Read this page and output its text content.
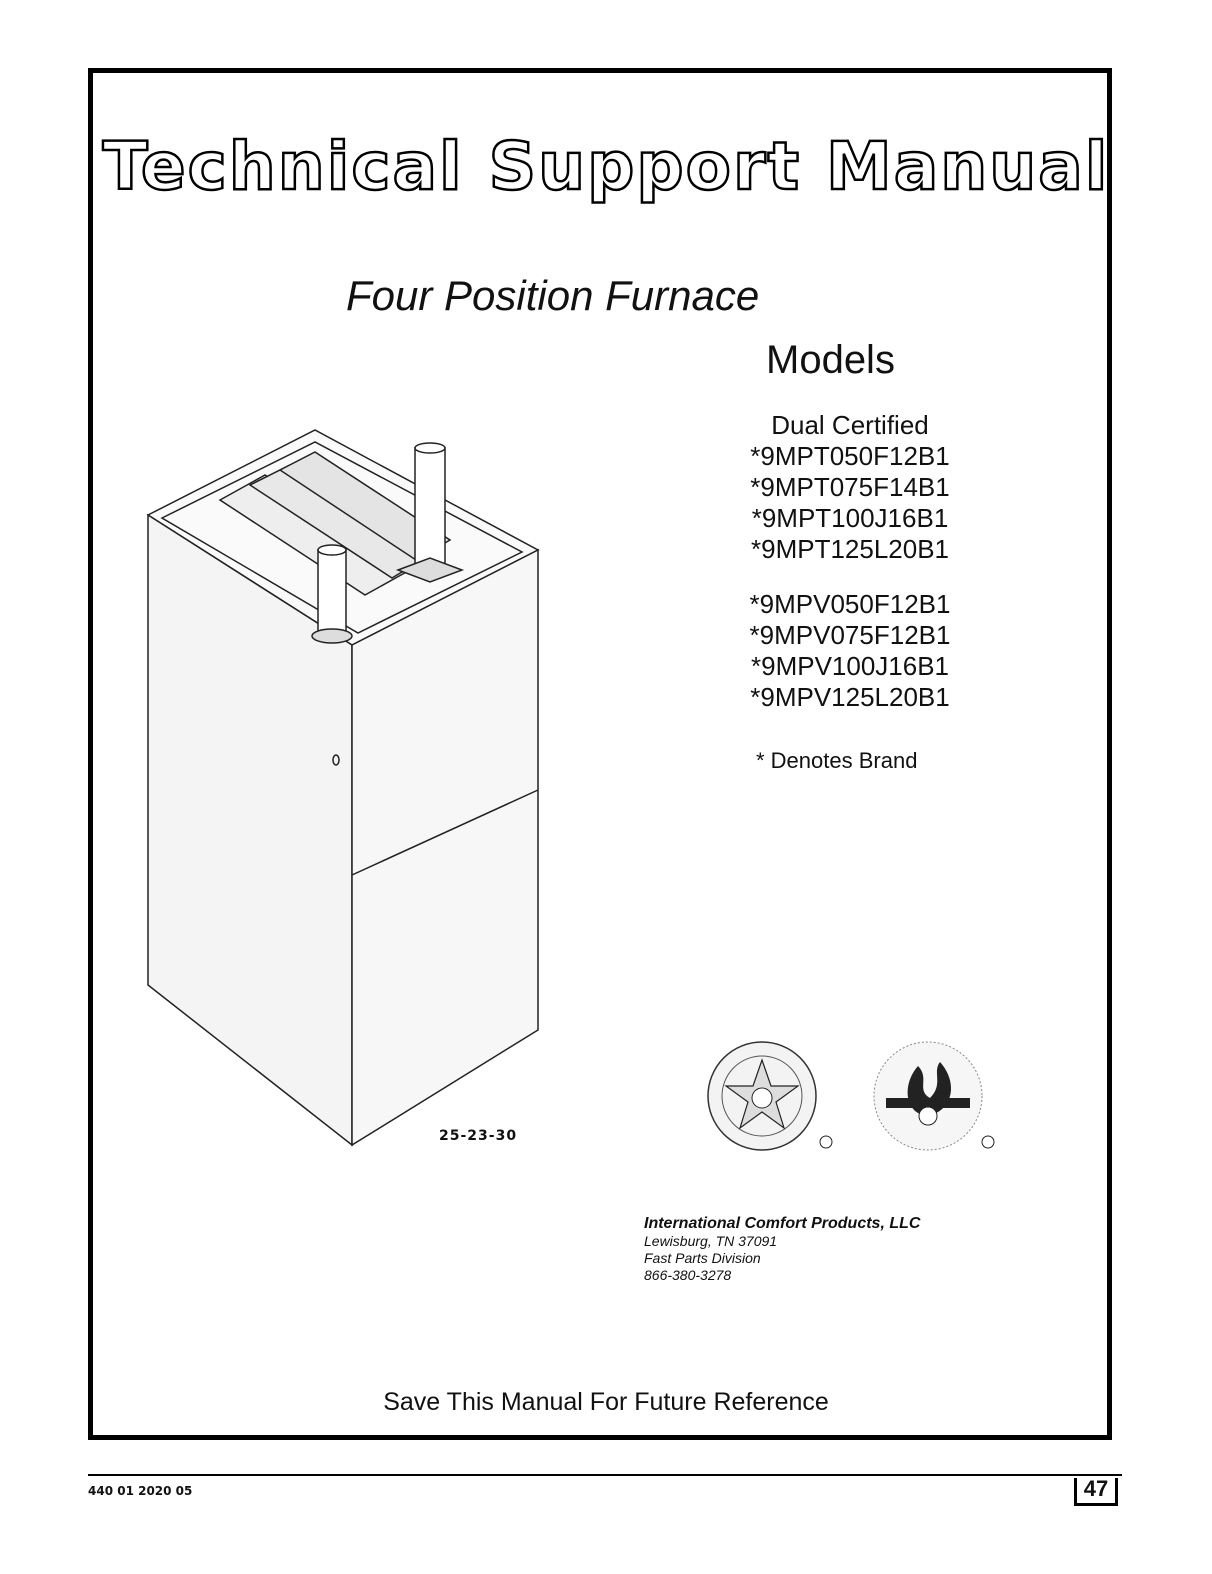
Technical Support Manual
Four Position Furnace
Models
Dual Certified
*9MPT050F12B1
*9MPT075F14B1
*9MPT100J16B1
*9MPT125L20B1
*9MPV050F12B1
*9MPV075F12B1
*9MPV100J16B1
*9MPV125L20B1
* Denotes Brand
25-23-30
International Comfort Products, LLC
Lewisburg, TN 37091
Fast Parts Division
866-380-3278
Save This Manual For Future Reference
440 01 2020 05	47
